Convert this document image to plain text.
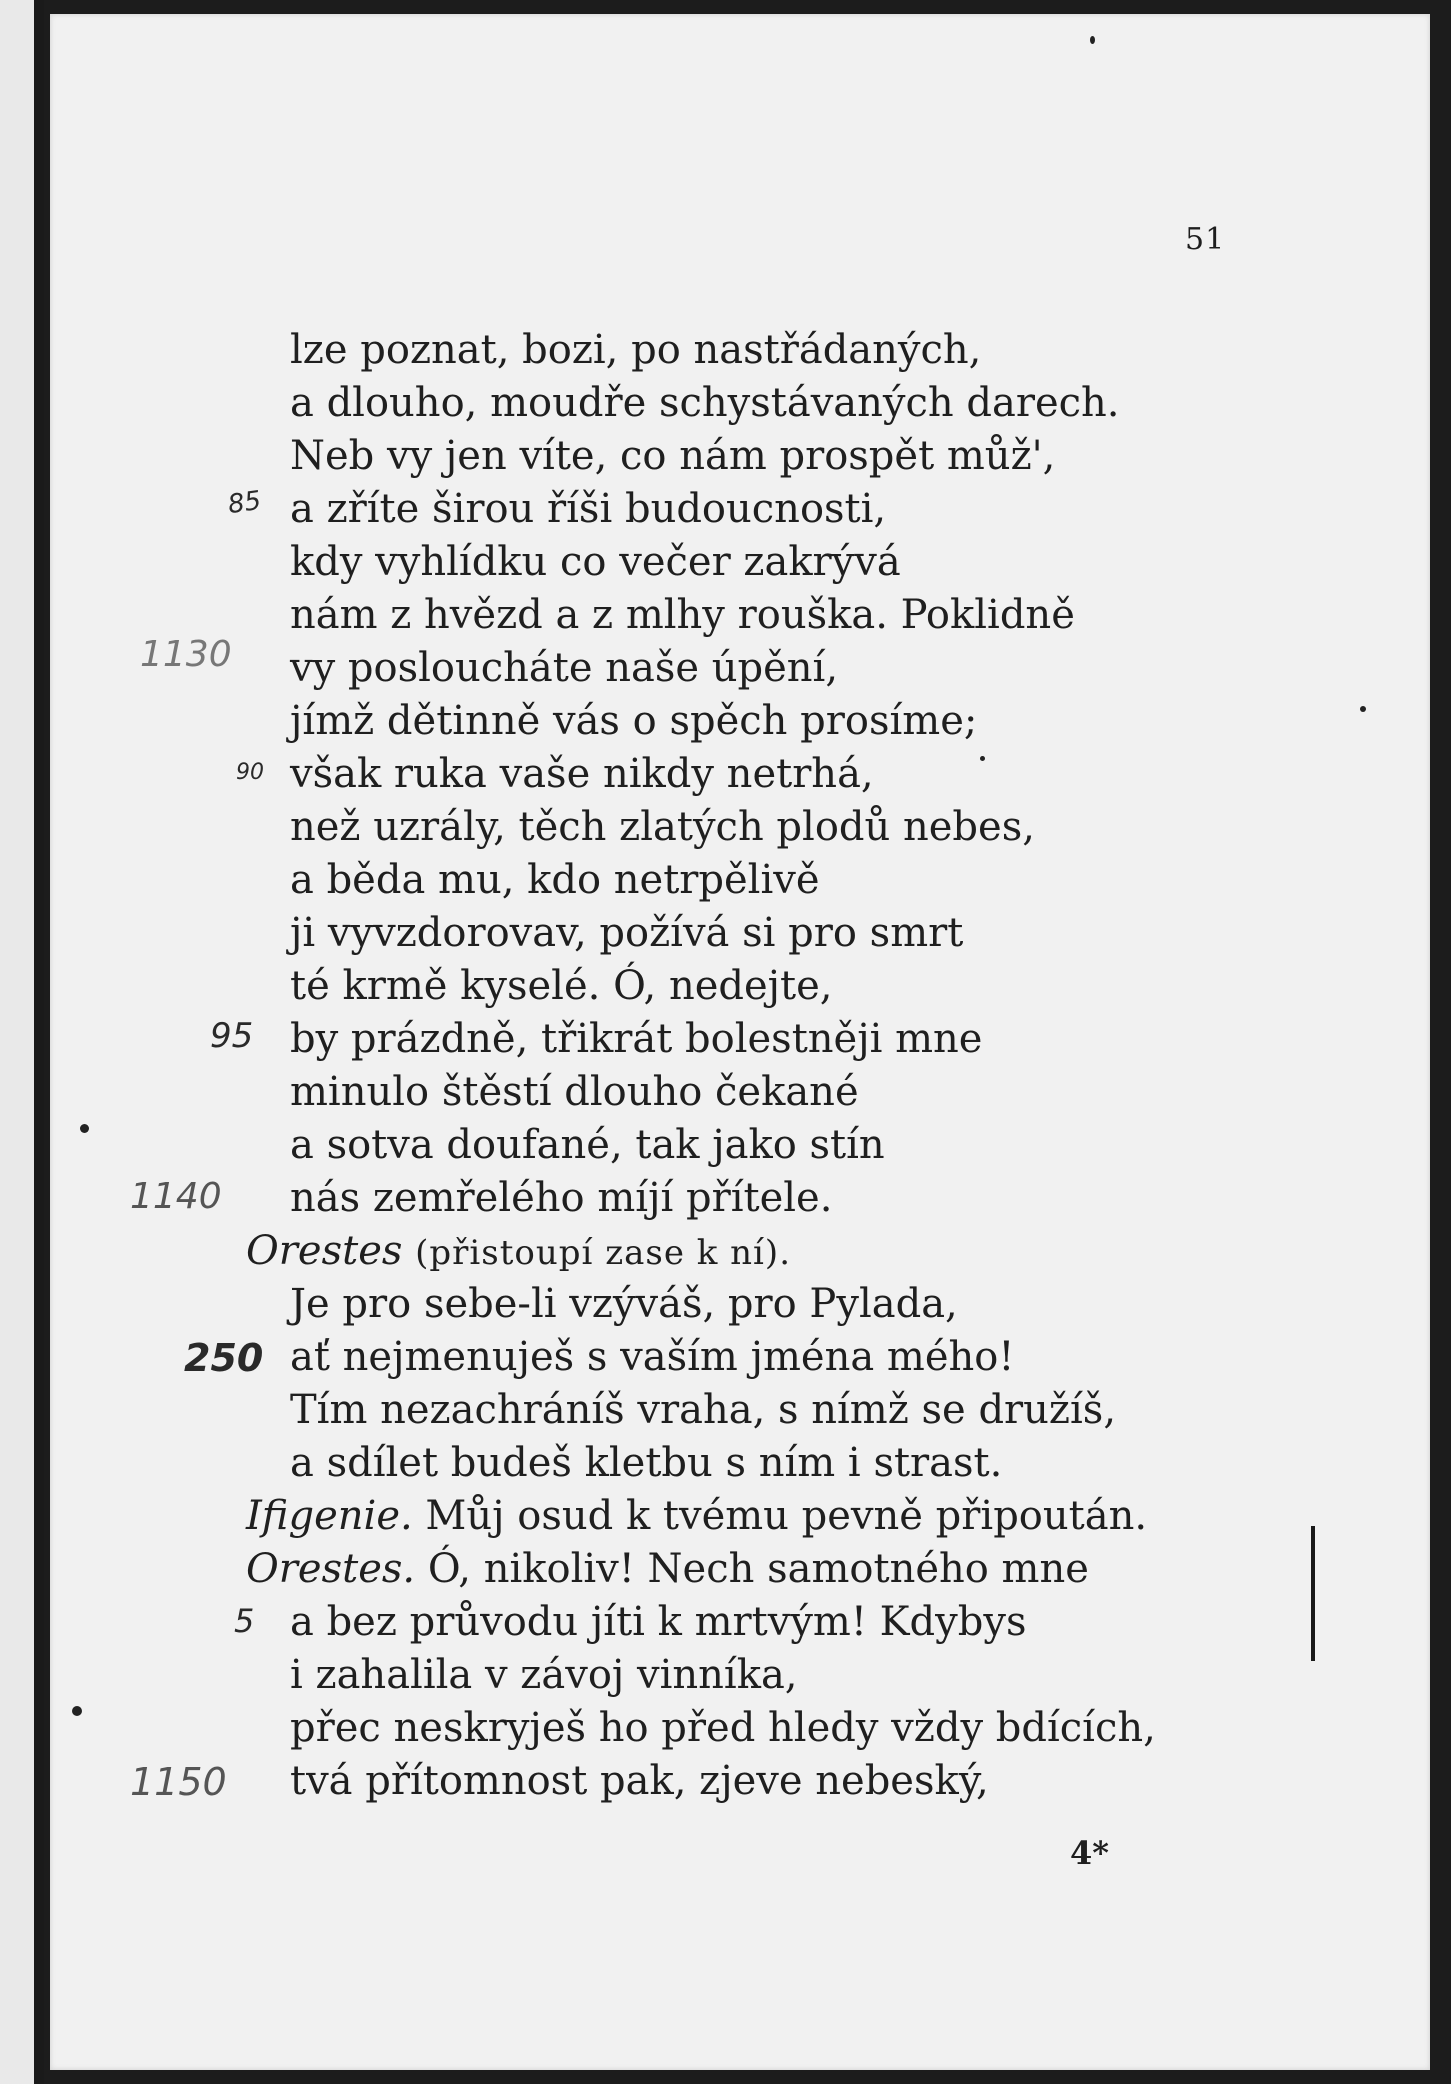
51
lze poznat, bozi, po nastřádaných,
a dlouho, moudře schystávaných darech.
Neb vy jen víte, co nám prospět můž',
a zříte širou říši budoucnosti,
kdy vyhlídku co večer zakrývá
nám z hvězd a z mlhy rouška. Poklidně
vy posloucháte naše úpění,
jímž dětinně vás o spěch prosíme;
však ruka vaše nikdy netrhá,
než uzrály, těch zlatých plodů nebes,
a běda mu, kdo netrpělivě
ji vyvzdorovav, požívá si pro smrt
té krmě kyselé. Ó, nedejte,
by prázdně, třikrát bolestněji mne
minulo štěstí dlouho čekané
a sotva doufané, tak jako stín
nás zemřelého míjí přítele.
Orestes (přistoupí zase k ní).
Je pro sebe-li vzýváš, pro Pylada,
ať nejmenuješ s vaším jména mého!
Tím nezachráníš vraha, s nímž se družíš,
a sdílet budeš kletbu s ním i strast.
Ifigenie. Můj osud k tvému pevně připoután.
Orestes. Ó, nikoliv! Nech samotného mne
a bez průvodu jíti k mrtvým! Kdybys
i zahalila v závoj vinníka,
přec neskryješ ho před hledy vždy bdících,
tvá přítomnost pak, zjeve nebeský,
85
1130
90
95
1140
250
5
1150
4*
